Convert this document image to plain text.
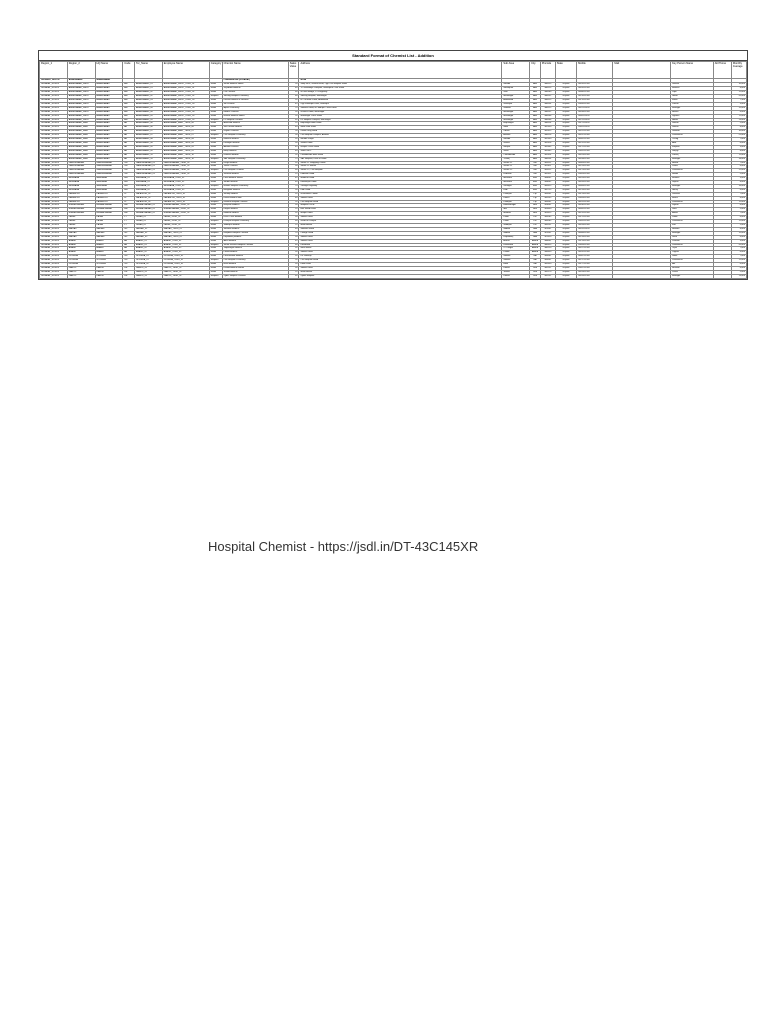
Standard Format of Chemist List - Addition
Region_1	Region_2	HQ Name	Code	Ter_Name	Employee Name	Category	Chemist Name	Sales Value	Address	Sub Area	City	Pincode	State	Mobile	Mail	Key Person Name	Alt Phone	Monthly Average
GUJARAT_NORTH	AHMEDABAD	AHMEDABAD					PHARMASTAR (GUJARAT)		AYUB									
GUJARAT_NORTH	AHMEDABAD_WEST	AHMEDABAD	AW	AHMEDABAD_01	AHMEDABAD_WEST_TERR_01	Retail	Shree Medical Stores	50	Shop No 4, Ground Floor, Opp Civil Hospital Road	Naroda	Ahd	380025	Gujarat	9825012345		Rakesh		10,000
GUJARAT_NORTH	AHMEDABAD_WEST	AHMEDABAD	AW	AHMEDABAD_01	AHMEDABAD_WEST_TERR_01	Retail	Jay Ambe Medical	40	12 Sarvodaya Complex, Naranpura Char Rasta	Naranpura	Ahd	380013	Gujarat	9824512345		Mahesh		8,000
GUJARAT_NORTH	AHMEDABAD_WEST	AHMEDABAD	AW	AHMEDABAD_02	AHMEDABAD_WEST_TERR_02	Retail	Om Chemist	60	Nr Sola Bridge, S G Highway	Sola	Ahd	380060	Gujarat	9898012345		Vipul		12,000
GUJARAT_NORTH	AHMEDABAD_WEST	AHMEDABAD	AW	AHMEDABAD_02	AHMEDABAD_WEST_TERR_02	Hospital	Sterling Hospital Pharmacy	80	Sterling Hospital, Memnagar	Memnagar	Ahd	380052	Gujarat	9879012345		Nilesh		20,000
GUJARAT_NORTH	AHMEDABAD_WEST	AHMEDABAD	AW	AHMEDABAD_03	AHMEDABAD_WEST_TERR_03	Retail	Krishna Medical & General	35	B-7 Shivalik Plaza, Ambawadi	Ambawadi	Ahd	380015	Gujarat	9427012345		Ketan		7,500
GUJARAT_NORTH	AHMEDABAD_WEST	AHMEDABAD	AW	AHMEDABAD_03	AHMEDABAD_WEST_TERR_03	Retail	Sai Pharma	45	Opp Vastrapur Lake, Vastrapur	Vastrapur	Ahd	380054	Gujarat	9909012345		Paresh		9,000
GUJARAT_NORTH	AHMEDABAD_WEST	AHMEDABAD	AW	AHMEDABAD_04	AHMEDABAD_WEST_TERR_04	Retail	Apollo Pharmacy	70	Satellite Road, Nr Jodhpur Cross Road	Satellite	Ahd	380015	Gujarat	9825112345		Manager		15,000
GUJARAT_NORTH	AHMEDABAD_WEST	AHMEDABAD	AW	AHMEDABAD_04	AHMEDABAD_WEST_TERR_04	Retail	Medico Chemist	30	Gurukul Road, Memnagar	Memnagar	Ahd	380052	Gujarat	9824612345		Bhavin		6,000
GUJARAT_NORTH	AHMEDABAD_WEST	AHMEDABAD	AW	AHMEDABAD_05	AHMEDABAD_WEST_TERR_05	Retail	Navkar Medical Stores	55	Maninagar Cross Road	Maninagar	Ahd	380008	Gujarat	9898112345		Jignesh		11,000
GUJARAT_NORTH	AHMEDABAD_WEST	AHMEDABAD	AW	AHMEDABAD_05	AHMEDABAD_WEST_TERR_05	Hospital	LG Hospital Chemist	65	LG Hospital Campus, Maninagar	Maninagar	Ahd	380008	Gujarat	9879112345		Hitesh		13,000
GUJARAT_NORTH	AHMEDABAD_EAST	AHMEDABAD	AE	AHMEDABAD_06	AHMEDABAD_EAST_TERR_06	Retail	Ashirwad Medical	25	Bapunagar Main Road	Bapunagar	Ahd	380024	Gujarat	9427112345		Suresh		5,000
GUJARAT_NORTH	AHMEDABAD_EAST	AHMEDABAD	AE	AHMEDABAD_06	AHMEDABAD_EAST_TERR_06	Retail	Shiv Shakti Medical	40	Nikol Gam Road	Nikol	Ahd	382350	Gujarat	9909112345		Dinesh		8,000
GUJARAT_NORTH	AHMEDABAD_EAST	AHMEDABAD	AE	AHMEDABAD_07	AHMEDABAD_EAST_TERR_07	Retail	Gayatri Chemist	50	Odhav Ring Road	Odhav	Ahd	382415	Gujarat	9825212345		Ramesh		10,000
GUJARAT_NORTH	AHMEDABAD_EAST	AHMEDABAD	AE	AHMEDABAD_07	AHMEDABAD_EAST_TERR_07	Hospital	Civil Hospital Pharmacy	90	Civil Hospital Campus, Asarwa	Asarwa	Ahd	380016	Gujarat	9824712345		Pharmacist		25,000
GUJARAT_NORTH	AHMEDABAD_EAST	AHMEDABAD	AE	AHMEDABAD_08	AHMEDABAD_EAST_TERR_08	Retail	Mahavir Medical	35	Naroda Patiya	Naroda	Ahd	382330	Gujarat	9898212345		Chirag		7,000
GUJARAT_NORTH	AHMEDABAD_EAST	AHMEDABAD	AE	AHMEDABAD_08	AHMEDABAD_EAST_TERR_08	Retail	Khodiyar Medical	30	Vastral Road	Vastral	Ahd	382418	Gujarat	9879212345		Amit		6,000
GUJARAT_NORTH	AHMEDABAD_EAST	AHMEDABAD	AE	AHMEDABAD_09	AHMEDABAD_EAST_TERR_09	Retail	Ambika Pharma	45	Isanpur Cross Road	Isanpur	Ahd	382443	Gujarat	9427212345		Kalpesh		9,000
GUJARAT_NORTH	AHMEDABAD_EAST	AHMEDABAD	AE	AHMEDABAD_09	AHMEDABAD_EAST_TERR_09	Retail	Balaji Medical	40	Vatva GIDC	Vatva	Ahd	382445	Gujarat	9909212345		Sanjay		8,000
GUJARAT_NORTH	AHMEDABAD_EAST	AHMEDABAD	AE	AHMEDABAD_10	AHMEDABAD_EAST_TERR_10	Retail	Ganesh Medical	55	Chandkheda Main Road	Chandkheda	Ahd	382424	Gujarat	9825312345		Pankaj		11,000
GUJARAT_NORTH	AHMEDABAD_EAST	AHMEDABAD	AE	AHMEDABAD_10	AHMEDABAD_EAST_TERR_10	Hospital	SAL Hospital Pharmacy	75	SAL Hospital, Drive In Road	Thaltej	Ahd	380054	Gujarat	9824812345		Manager		18,000
GUJARAT_NORTH	GANDHINAGAR	GANDHINAGAR	GN	GANDHINAGAR_01	GANDHINAGAR_TERR_01	Retail	Umiya Medical	35	Sector 21 Shopping Centre	Sector 21	Gnr	382021	Gujarat	9898312345		Bharat		7,000
GUJARAT_NORTH	GANDHINAGAR	GANDHINAGAR	GN	GANDHINAGAR_01	GANDHINAGAR_TERR_01	Retail	Vishal Chemist	30	Sector 11 Market	Sector 11	Gnr	382011	Gujarat	9879312345		Vishal		6,000
GUJARAT_NORTH	GANDHINAGAR	GANDHINAGAR	GN	GANDHINAGAR_02	GANDHINAGAR_TERR_02	Hospital	Civil Hospital Chemist	60	Sector 12, Civil Hospital	Sector 12	Gnr	382012	Gujarat	9427312345		Pharmacist		12,000
GUJARAT_NORTH	GANDHINAGAR	GANDHINAGAR	GN	GANDHINAGAR_02	GANDHINAGAR_TERR_02	Retail	Jalaram Medical	25	Kudasan Road	Kudasan	Gnr	382421	Gujarat	9909312345		Hardik		5,000
GUJARAT_NORTH	MEHSANA	MEHSANA	MH	MEHSANA_01	MEHSANA_TERR_01	Retail	Patel Medical Stores	45	Modhera Road	Mehsana	Msn	384002	Gujarat	9825412345		Mukesh		9,000
GUJARAT_NORTH	MEHSANA	MEHSANA	MH	MEHSANA_01	MEHSANA_TERR_01	Retail	Sardar Medical	40	Radhanpur Road	Mehsana	Msn	384002	Gujarat	9824912345		Rajesh		8,000
GUJARAT_NORTH	MEHSANA	MEHSANA	MH	MEHSANA_02	MEHSANA_TERR_02	Hospital	Nootan Hospital Pharmacy	70	Visnagar Highway	Visnagar	Msn	384315	Gujarat	9898412345		Manager		16,000
GUJARAT_NORTH	MEHSANA	MEHSANA	MH	MEHSANA_02	MEHSANA_TERR_02	Retail	Bhagwati Medical	30	Kadi Road	Kadi	Msn	382715	Gujarat	9879412345		Nikunj		6,000
GUJARAT_NORTH	PALANPUR	PALANPUR	PL	PALANPUR_01	PALANPUR_TERR_01	Retail	Shreeji Medical	35	Gurunanak Chowk	Palanpur	Plp	385001	Gujarat	9427412345		Darshan		7,000
GUJARAT_NORTH	PALANPUR	PALANPUR	PL	PALANPUR_01	PALANPUR_TERR_01	Retail	Deesa Medical Hall	40	Station Road	Deesa	Plp	385535	Gujarat	9909412345		Mehul		8,000
GUJARAT_NORTH	PALANPUR	PALANPUR	PL	PALANPUR_02	PALANPUR_TERR_02	Hospital	General Hospital Chemist	55	Civil Hospital Road	Palanpur	Plp	385001	Gujarat	9825512345		Pharmacist		11,000
GUJARAT_NORTH	HIMMATNAGAR	HIMMATNAGAR	HM	HIMMATNAGAR_01	HIMMATNAGAR_TERR_01	Retail	Navjivan Medical	30	Motipura Circle	Himmatnagar	Hmt	383001	Gujarat	9824012345		Jayesh		6,000
GUJARAT_NORTH	HIMMATNAGAR	HIMMATNAGAR	HM	HIMMATNAGAR_01	HIMMATNAGAR_TERR_01	Retail	Kalyan Medical	25	Bus Stand Road	Idar	Hmt	383430	Gujarat	9898512345		Sunil		5,000
GUJARAT_NORTH	HIMMATNAGAR	HIMMATNAGAR	HM	HIMMATNAGAR_02	HIMMATNAGAR_TERR_02	Retail	Modasa Medical	35	Malpur Road	Modasa	Hmt	383315	Gujarat	9879512345		Ashok		7,000
GUJARAT_NORTH	PATAN	PATAN	PT	PATAN_01	PATAN_TERR_01	Retail	Rani Ki Vav Medical	30	Station Road	Patan	Ptn	384265	Gujarat	9427512345		Vinod		6,000
GUJARAT_NORTH	PATAN	PATAN	PT	PATAN_01	PATAN_TERR_01	Hospital	Dharpur Hospital Pharmacy	60	GMERS Dharpur	Patan	Ptn	384265	Gujarat	9909512345		Pharmacist		12,000
GUJARAT_NORTH	PATAN	PATAN	PT	PATAN_02	PATAN_TERR_02	Retail	Siddhpur Medical	25	Main Bazaar	Siddhpur	Ptn	384151	Gujarat	9825612345		Kirit		5,000
GUJARAT_NORTH	NADIAD	NADIAD	ND	NADIAD_01	NADIAD_TERR_01	Retail	Santram Medical	40	Santram Road	Nadiad	Ndd	387001	Gujarat	9824112345		Hemant		8,000
GUJARAT_NORTH	NADIAD	NADIAD	ND	NADIAD_01	NADIAD_TERR_01	Hospital	Muljibhai Hospital Chemist	70	College Road	Nadiad	Ndd	387001	Gujarat	9898612345		Manager		15,000
GUJARAT_NORTH	NADIAD	NADIAD	ND	NADIAD_02	NADIAD_TERR_02	Retail	Kapadvanj Medical	30	Station Road	Kapadvanj	Ndd	387620	Gujarat	9879612345		Rohit		6,000
GUJARAT_NORTH	ANAND	ANAND	AN	ANAND_01	ANAND_TERR_01	Retail	Amul Medical	45	Station Road	Anand	Anand	388001	Gujarat	9427612345		Prakash		9,000
GUJARAT_NORTH	ANAND	ANAND	AN	ANAND_01	ANAND_TERR_01	Hospital	Shree Krishna Hospital Chemist	80	Karamsad	Karamsad	Anand	388325	Gujarat	9909612345		Pharmacist		20,000
GUJARAT_NORTH	ANAND	ANAND	AN	ANAND_02	ANAND_TERR_02	Retail	Vidyanagar Medical	35	Nana Bazar	V V Nagar	Anand	388120	Gujarat	9825712345		Tejas		7,000
GUJARAT_NORTH	ANAND	ANAND	AN	ANAND_02	ANAND_TERR_02	Retail	Petlad Medical	30	Station Road	Petlad	Anand	388450	Gujarat	9824212345		Yogesh		6,000
GUJARAT_NORTH	GODHRA	GODHRA	GD	GODHRA_01	GODHRA_TERR_01	Retail	Panchmahal Medical	35	Lal Darwaja	Godhra	Gdr	389001	Gujarat	9898712345		Salim		7,000
GUJARAT_NORTH	GODHRA	GODHRA	GD	GODHRA_01	GODHRA_TERR_01	Hospital	Civil Hospital Pharmacy	55	Civil Hospital Road	Godhra	Gdr	389001	Gujarat	9879712345		Pharmacist		11,000
GUJARAT_NORTH	GODHRA	GODHRA	GD	GODHRA_02	GODHRA_TERR_02	Retail	Halol Medical	30	Kalol Road	Halol	Gdr	389350	Gujarat	9427712345		Arif		6,000
GUJARAT_NORTH	DAHOD	DAHOD	DH	DAHOD_01	DAHOD_TERR_01	Retail	Dahod Medical Stores	30	Station Road	Dahod	Dhd	389151	Gujarat	9909712345		Hussain		6,000
GUJARAT_NORTH	DAHOD	DAHOD	DH	DAHOD_01	DAHOD_TERR_01	Retail	Jhalod Medical	25	Main Bazaar	Jhalod	Dhd	389170	Gujarat	9825812345		Pravin		5,000
GUJARAT_NORTH	DAHOD	DAHOD	DH	DAHOD_02	DAHOD_TERR_02	Hospital	Zydus Hospital Chemist	65	Zydus Hospital	Dahod	Dhd	389151	Gujarat	9824312345		Manager		13,000
Hospital Chemist - https://jsdl.in/DT-43C145XR
